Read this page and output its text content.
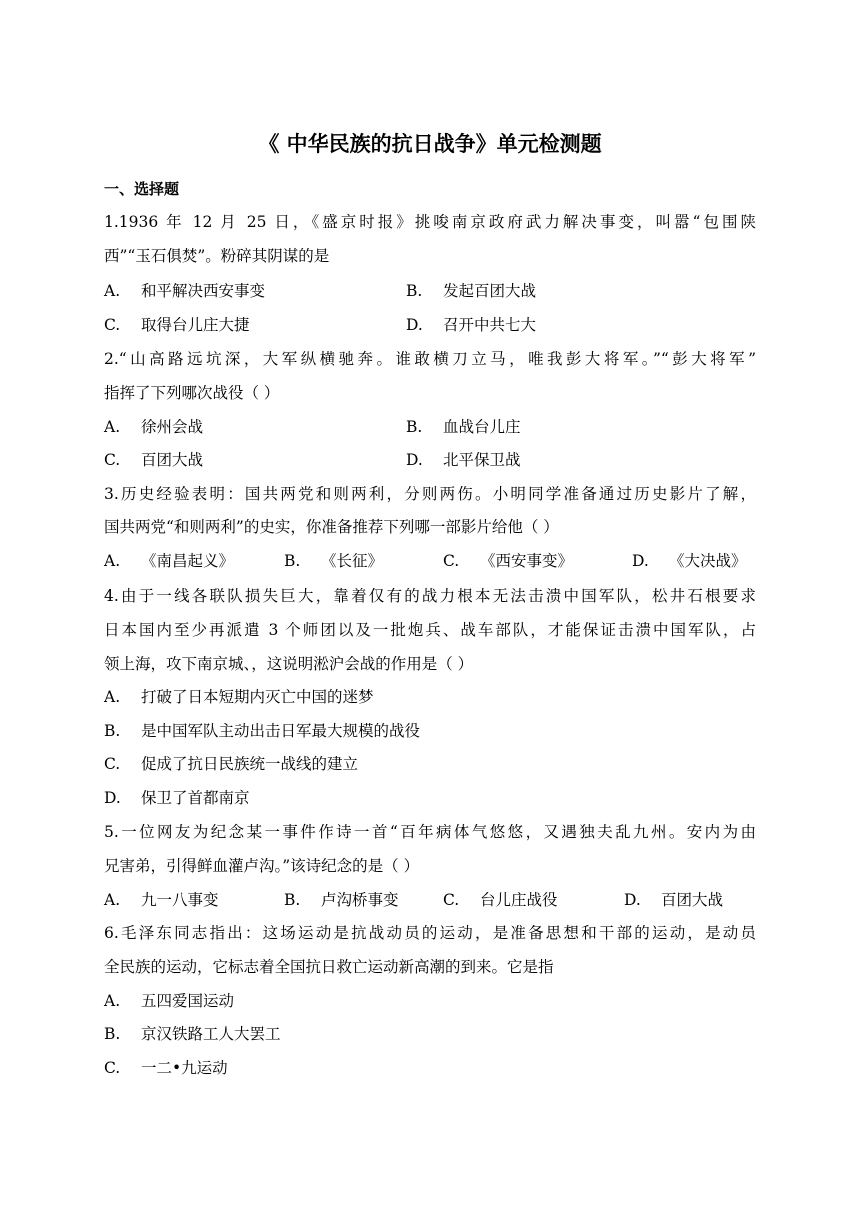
《 中华民族的抗日战争》单元检测题
一、选择题
1.1936 年 12 月 25 日，《盛京时报》挑唆南京政府武力解决事变，叫嚣“包围陕
西”“玉石俱焚”。粉碎其阴谋的是
A. 和平解决西安事变	B. 发起百团大战
C. 取得台儿庄大捷	D. 召开中共七大
2.“山高路远坑深，大军纵横驰奔。谁敢横刀立马，唯我彭大将军。”“彭大将军”
指挥了下列哪次战役（ ）
A. 徐州会战	B. 血战台儿庄
C. 百团大战	D. 北平保卫战
3.历史经验表明：国共两党和则两利，分则两伤。小明同学准备通过历史影片了解，
国共两党“和则两利”的史实，你准备推荐下列哪一部影片给他（ ）
A. 《南昌起义》	B. 《长征》	C. 《西安事变》	D. 《大决战》
4.由于一线各联队损失巨大，靠着仅有的战力根本无法击溃中国军队，松井石根要求
日本国内至少再派遣 3 个师团以及一批炮兵、战车部队，才能保证击溃中国军队，占
领上海，攻下南京城、，这说明淞沪会战的作用是（ ）
A. 打破了日本短期内灭亡中国的迷梦
B. 是中国军队主动出击日军最大规模的战役
C. 促成了抗日民族统一战线的建立
D. 保卫了首都南京
5.一位网友为纪念某一事件作诗一首“百年病体气悠悠，又遇独夫乱九州。安内为由
兄害弟，引得鲜血灌卢沟。”该诗纪念的是（ ）
A. 九一八事变	B. 卢沟桥事变	C. 台儿庄战役	D. 百团大战
6.毛泽东同志指出：这场运动是抗战动员的运动，是准备思想和干部的运动，是动员
全民族的运动，它标志着全国抗日救亡运动新高潮的到来。它是指
A. 五四爱国运动
B. 京汉铁路工人大罢工
C. 一二•九运动
